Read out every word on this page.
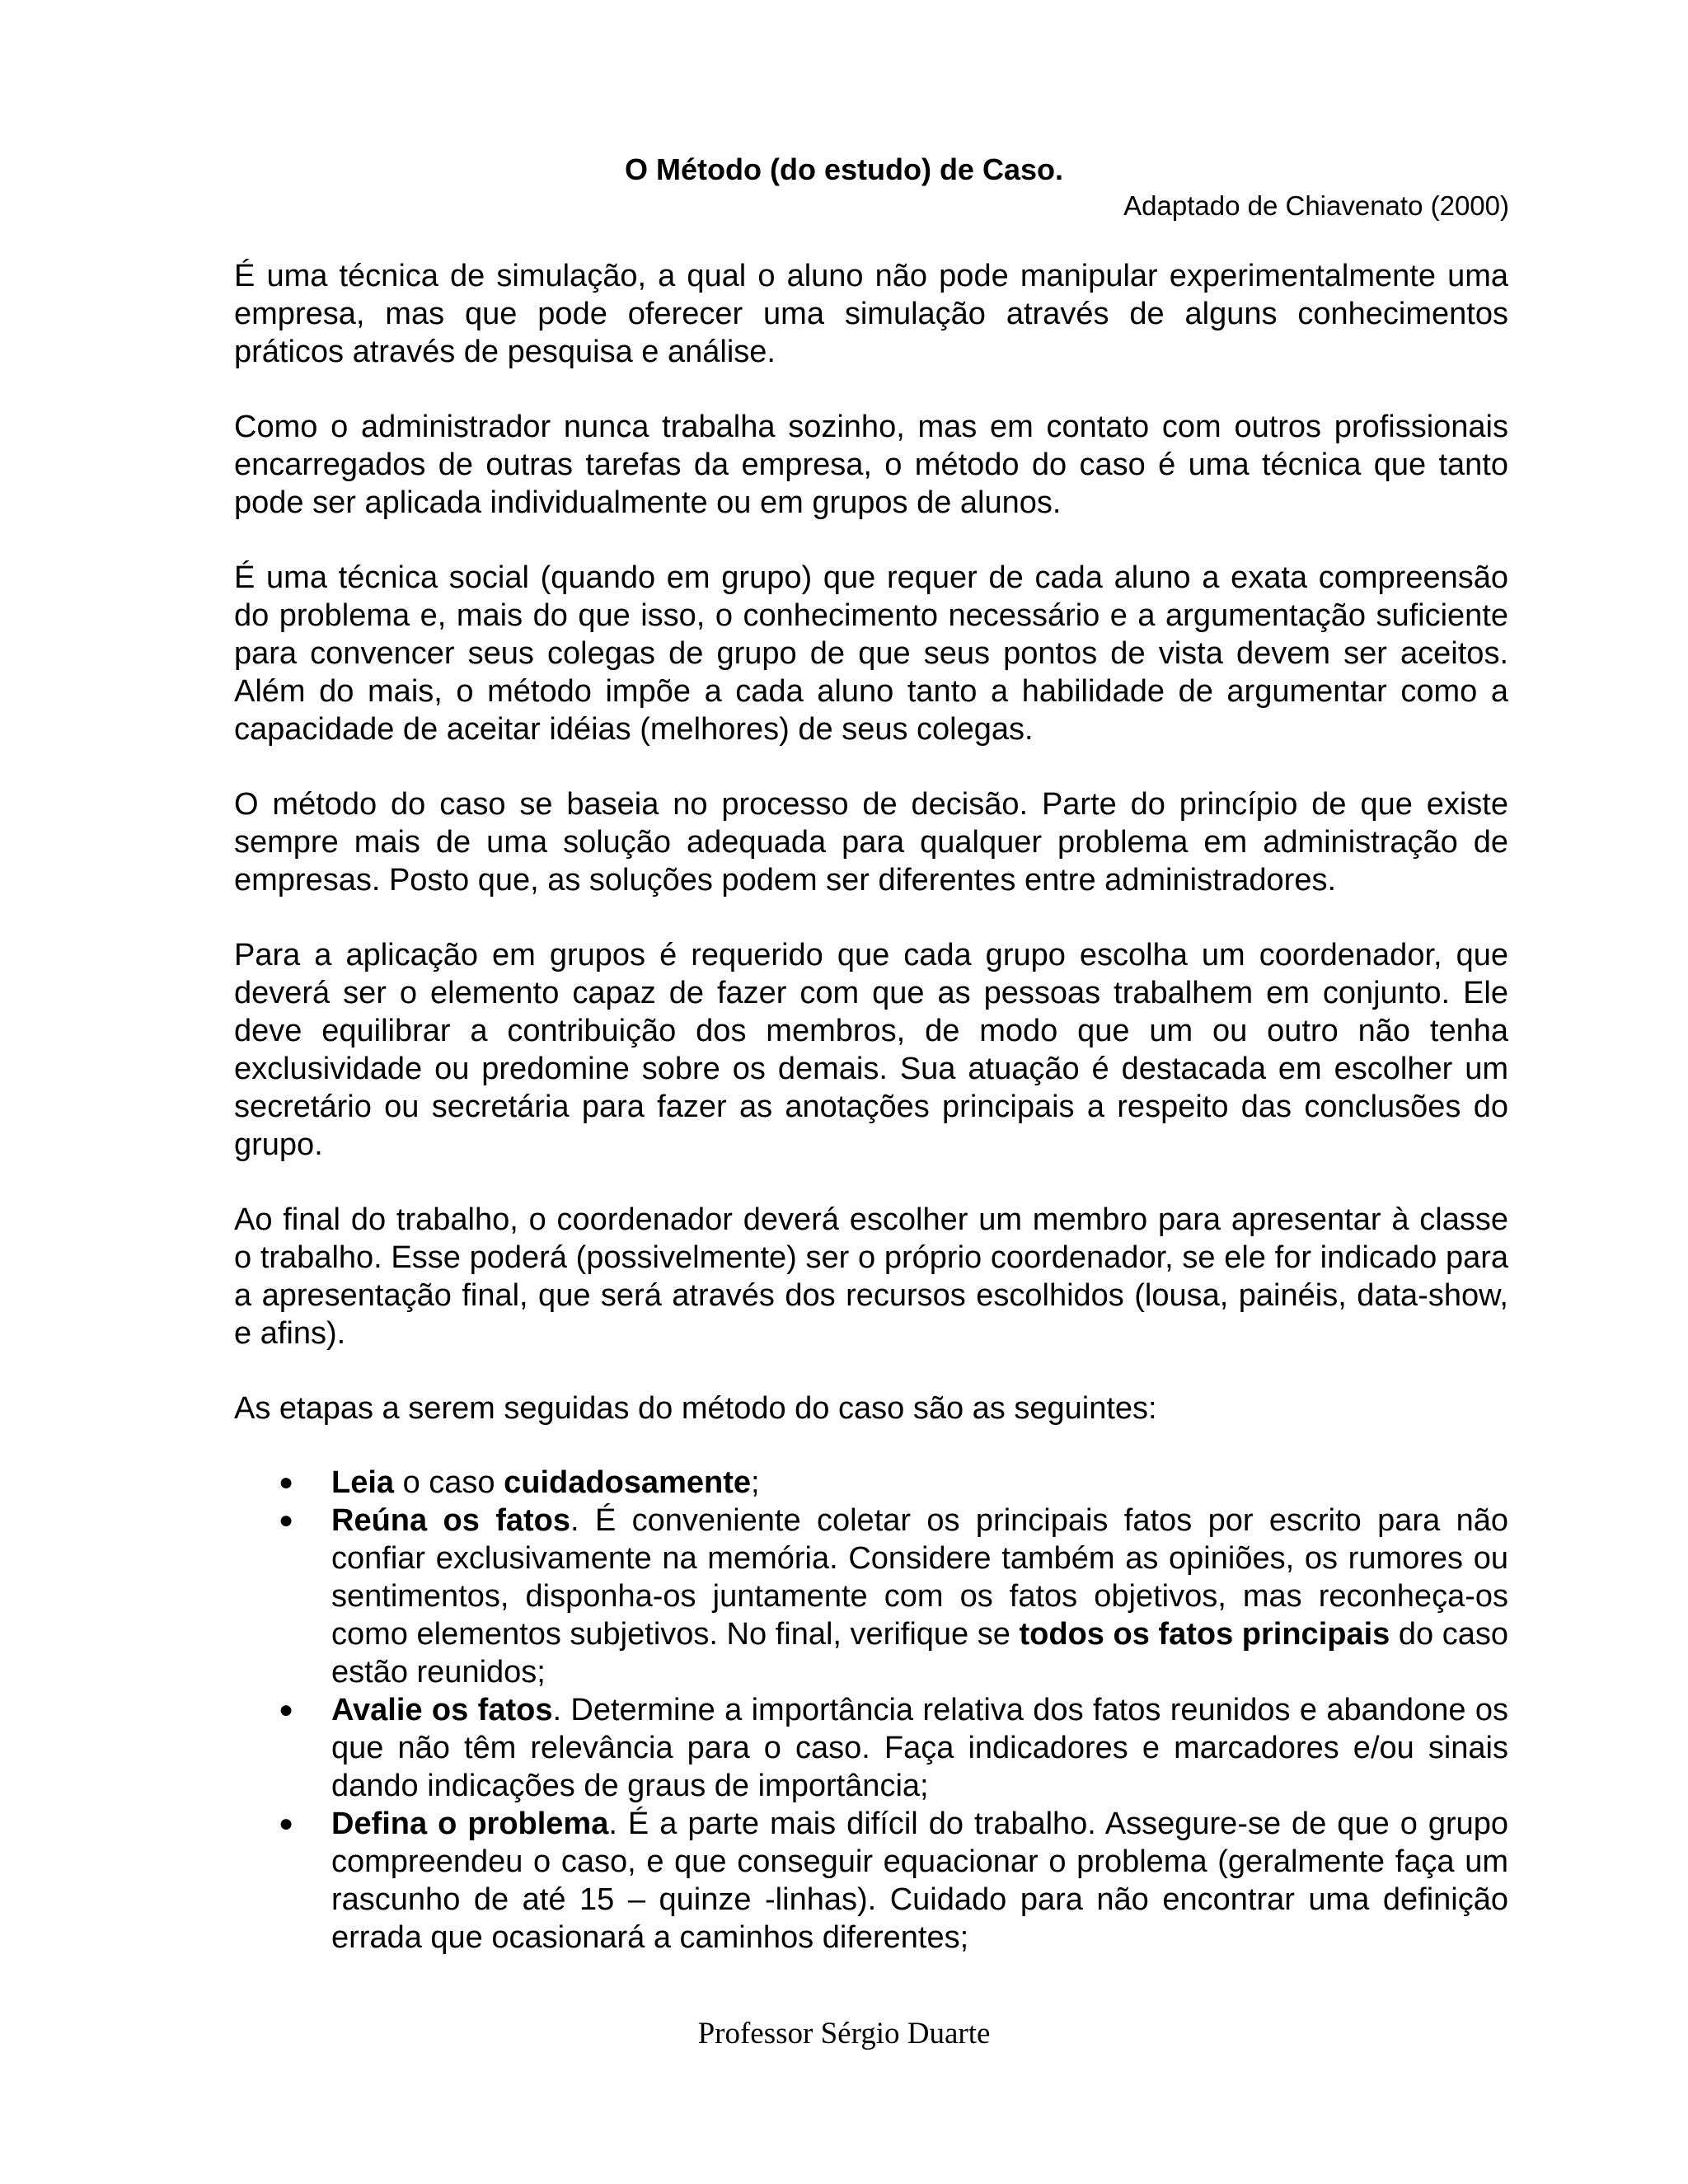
O Método (do estudo) de Caso.
Adaptado de Chiavenato (2000)

É uma técnica de simulação, a qual o aluno não pode manipular experimentalmente uma empresa, mas que pode oferecer uma simulação através de alguns conhecimentos práticos através de pesquisa e análise.

Como o administrador nunca trabalha sozinho, mas em contato com outros profissionais encarregados de outras tarefas da empresa, o método do caso é uma técnica que tanto pode ser aplicada individualmente ou em grupos de alunos.

É uma técnica social (quando em grupo) que requer de cada aluno a exata compreensão do problema e, mais do que isso, o conhecimento necessário e a argumentação suficiente para convencer seus colegas de grupo de que seus pontos de vista devem ser aceitos. Além do mais, o método impõe a cada aluno tanto a habilidade de argumentar como a capacidade de aceitar idéias (melhores) de seus colegas.

O método do caso se baseia no processo de decisão. Parte do princípio de que existe sempre mais de uma solução adequada para qualquer problema em administração de empresas. Posto que, as soluções podem ser diferentes entre administradores.

Para a aplicação em grupos é requerido que cada grupo escolha um coordenador, que deverá ser o elemento capaz de fazer com que as pessoas trabalhem em conjunto. Ele deve equilibrar a contribuição dos membros, de modo que um ou outro não tenha exclusividade ou predomine sobre os demais. Sua atuação é destacada em escolher um secretário ou secretária para fazer as anotações principais a respeito das conclusões do grupo.

Ao final do trabalho, o coordenador deverá escolher um membro para apresentar à classe o trabalho. Esse poderá (possivelmente) ser o próprio coordenador, se ele for indicado para a apresentação final, que será através dos recursos escolhidos (lousa, painéis, data-show, e afins).

As etapas a serem seguidas do método do caso são as seguintes:

● Leia o caso cuidadosamente;
● Reúna os fatos. É conveniente coletar os principais fatos por escrito para não confiar exclusivamente na memória. Considere também as opiniões, os rumores ou sentimentos, disponha-os juntamente com os fatos objetivos, mas reconheça-os como elementos subjetivos. No final, verifique se todos os fatos principais do caso estão reunidos;
● Avalie os fatos. Determine a importância relativa dos fatos reunidos e abandone os que não têm relevância para o caso. Faça indicadores e marcadores e/ou sinais dando indicações de graus de importância;
● Defina o problema. É a parte mais difícil do trabalho. Assegure-se de que o grupo compreendeu o caso, e que conseguir equacionar o problema (geralmente faça um rascunho de até 15 – quinze -linhas). Cuidado para não encontrar uma definição errada que ocasionará a caminhos diferentes;
Professor Sérgio Duarte
